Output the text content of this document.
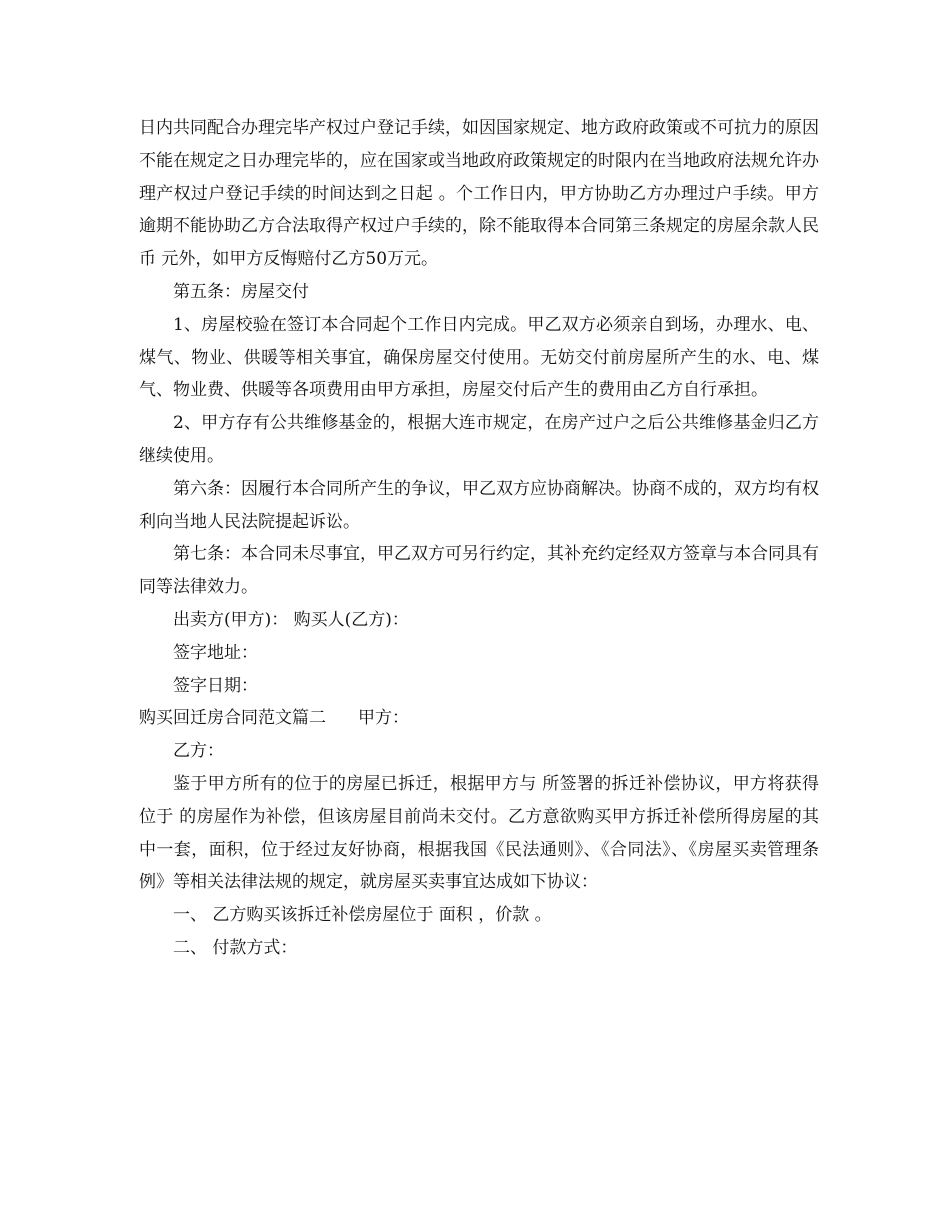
日内共同配合办理完毕产权过户登记手续，如因国家规定、地方政府政策或不可抗力的原因不能在规定之日办理完毕的，应在国家或当地政府政策规定的时限内在当地政府法规允许办理产权过户登记手续的时间达到之日起 。个工作日内，甲方协助乙方办理过户手续。甲方逾期不能协助乙方合法取得产权过户手续的，除不能取得本合同第三条规定的房屋余款人民币 元外，如甲方反悔赔付乙方50万元。

第五条：房屋交付

1、房屋校验在签订本合同起个工作日内完成。甲乙双方必须亲自到场，办理水、电、煤气、物业、供暖等相关事宜，确保房屋交付使用。无妨交付前房屋所产生的水、电、煤气、物业费、供暖等各项费用由甲方承担，房屋交付后产生的费用由乙方自行承担。

2、甲方存有公共维修基金的，根据大连市规定，在房产过户之后公共维修基金归乙方继续使用。

第六条：因履行本合同所产生的争议，甲乙双方应协商解决。协商不成的，双方均有权利向当地人民法院提起诉讼。

第七条：本合同未尽事宜，甲乙双方可另行约定，其补充约定经双方签章与本合同具有同等法律效力。

出卖方(甲方)： 购买人(乙方)：

签字地址：

签字日期：

购买回迁房合同范文篇二 甲方：

乙方：

鉴于甲方所有的位于的房屋已拆迁，根据甲方与 所签署的拆迁补偿协议，甲方将获得位于 的房屋作为补偿，但该房屋目前尚未交付。乙方意欲购买甲方拆迁补偿所得房屋的其中一套，面积，位于经过友好协商，根据我国《民法通则》、《合同法》、《房屋买卖管理条例》等相关法律法规的规定，就房屋买卖事宜达成如下协议：

一、 乙方购买该拆迁补偿房屋位于 面积 ，价款 。

二、 付款方式：
